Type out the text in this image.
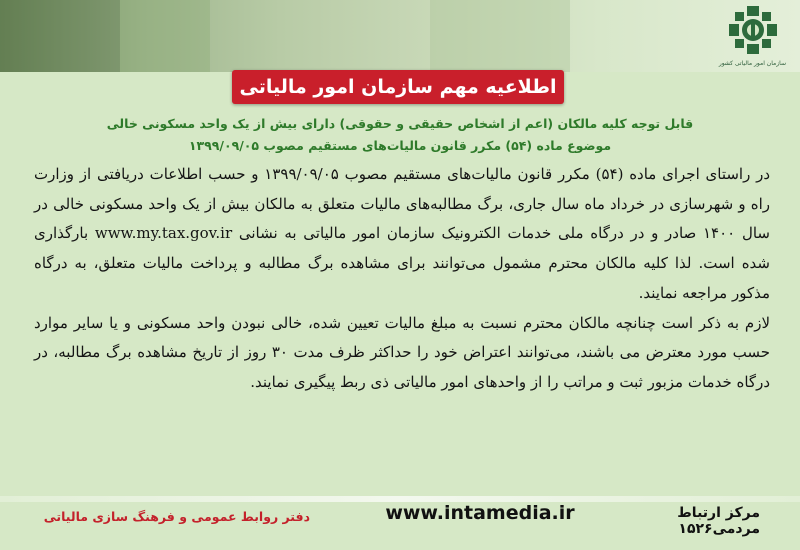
سازمان امور مالیاتی کشور
اطلاعیه مهم سازمان امور مالیاتی
قابل توجه کلیه مالکان (اعم از اشخاص حقیقی و حقوقی) دارای بیش از یک واحد مسکونی خالی
موضوع ماده (۵۴) مکرر قانون مالیات‌های مستقیم مصوب ۱۳۹۹/۰۹/۰۵

در راستای اجرای ماده (۵۴) مکرر قانون مالیات‌های مستقیم مصوب ۱۳۹۹/۰۹/۰۵ و حسب اطلاعات دریافتی از وزارت راه و شهرسازی در خرداد ماه سال جاری، برگ مطالبه‌های مالیات متعلق به مالکان بیش از یک واحد مسکونی خالی در سال ۱۴۰۰ صادر و در درگاه ملی خدمات الکترونیک سازمان امور مالیاتی به نشانی www.my.tax.gov.ir بارگذاری شده است. لذا کلیه مالکان محترم مشمول می‌توانند برای مشاهده برگ مطالبه و پرداخت مالیات متعلق، به درگاه مذکور مراجعه نمایند.

لازم به ذکر است چنانچه مالکان محترم نسبت به مبلغ مالیات تعیین شده، خالی نبودن واحد مسکونی و یا سایر موارد حسب مورد معترض می باشند، می‌توانند اعتراض خود را حداکثر ظرف مدت ۳۰ روز از تاریخ مشاهده برگ مطالبه، در درگاه خدمات مزبور ثبت و مراتب را از واحدهای امور مالیاتی ذی ربط پیگیری نمایند.

دفتر روابط عمومی و فرهنگ سازی مالیاتی	www.intamedia.ir	مرکز ارتباط مردمی۱۵۲۶
